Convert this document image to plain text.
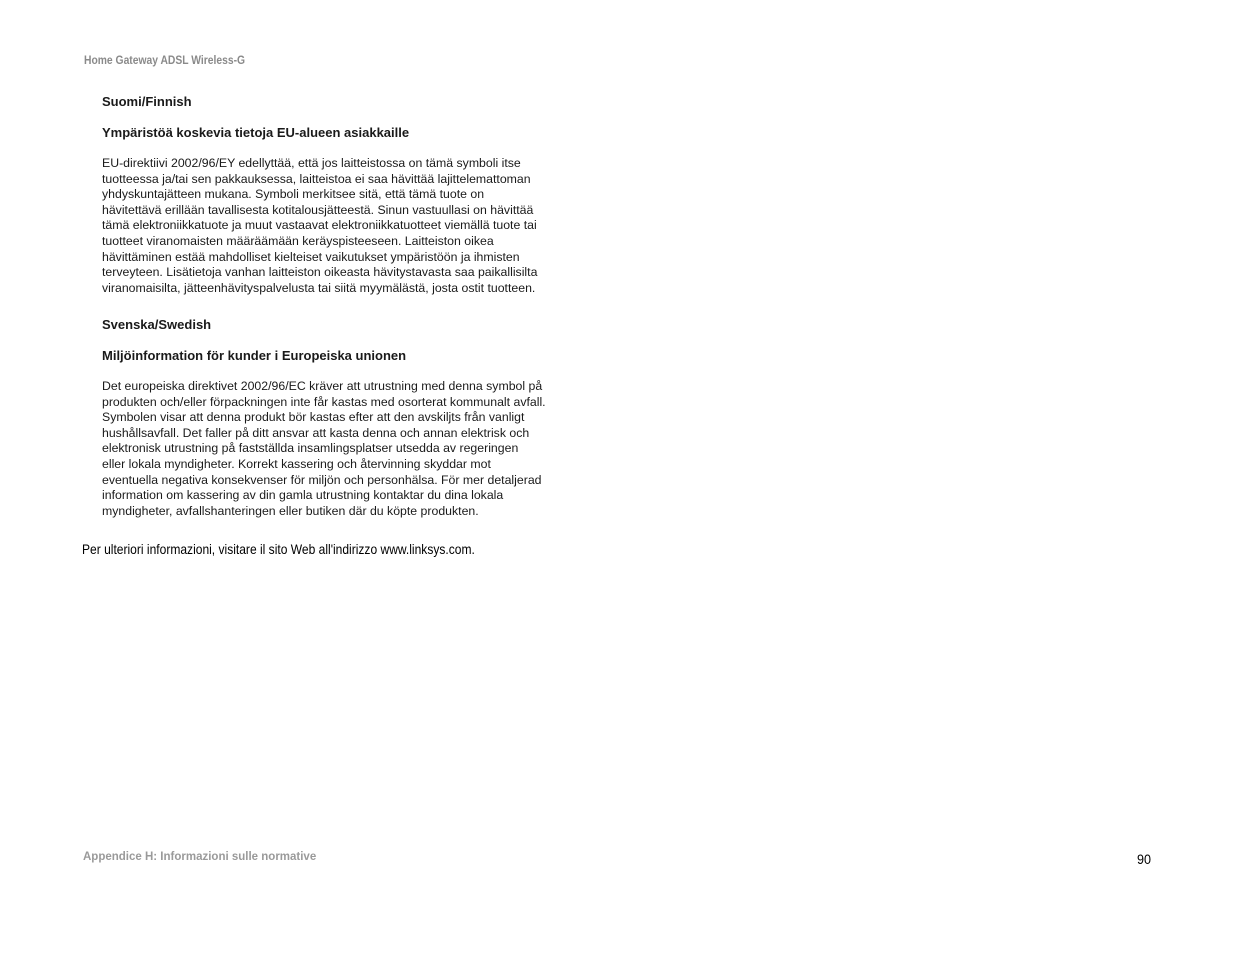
Home Gateway ADSL Wireless-G

Suomi/Finnish

Ympäristöä koskevia tietoja EU-alueen asiakkaille

EU-direktiivi 2002/96/EY edellyttää, että jos laitteistossa on tämä symboli itse
tuotteessa ja/tai sen pakkauksessa, laitteistoa ei saa hävittää lajittelemattoman
yhdyskuntajätteen mukana. Symboli merkitsee sitä, että tämä tuote on
hävitettävä erillään tavallisesta kotitalousjätteestä. Sinun vastuullasi on hävittää
tämä elektroniikkatuote ja muut vastaavat elektroniikkatuotteet viemällä tuote tai
tuotteet viranomaisten määräämään keräyspisteeseen. Laitteiston oikea
hävittäminen estää mahdolliset kielteiset vaikutukset ympäristöön ja ihmisten
terveyteen. Lisätietoja vanhan laitteiston oikeasta hävitystavasta saa paikallisilta
viranomaisilta, jätteenhävityspalvelusta tai siitä myymälästä, josta ostit tuotteen.

Svenska/Swedish

Miljöinformation för kunder i Europeiska unionen

Det europeiska direktivet 2002/96/EC kräver att utrustning med denna symbol på
produkten och/eller förpackningen inte får kastas med osorterat kommunalt avfall.
Symbolen visar att denna produkt bör kastas efter att den avskiljts från vanligt
hushållsavfall. Det faller på ditt ansvar att kasta denna och annan elektrisk och
elektronisk utrustning på fastställda insamlingsplatser utsedda av regeringen
eller lokala myndigheter. Korrekt kassering och återvinning skyddar mot
eventuella negativa konsekvenser för miljön och personhälsa. För mer detaljerad
information om kassering av din gamla utrustning kontaktar du dina lokala
myndigheter, avfallshanteringen eller butiken där du köpte produkten.
Per ulteriori informazioni, visitare il sito Web all'indirizzo www.linksys.com.
Appendice H: Informazioni sulle normative	90
